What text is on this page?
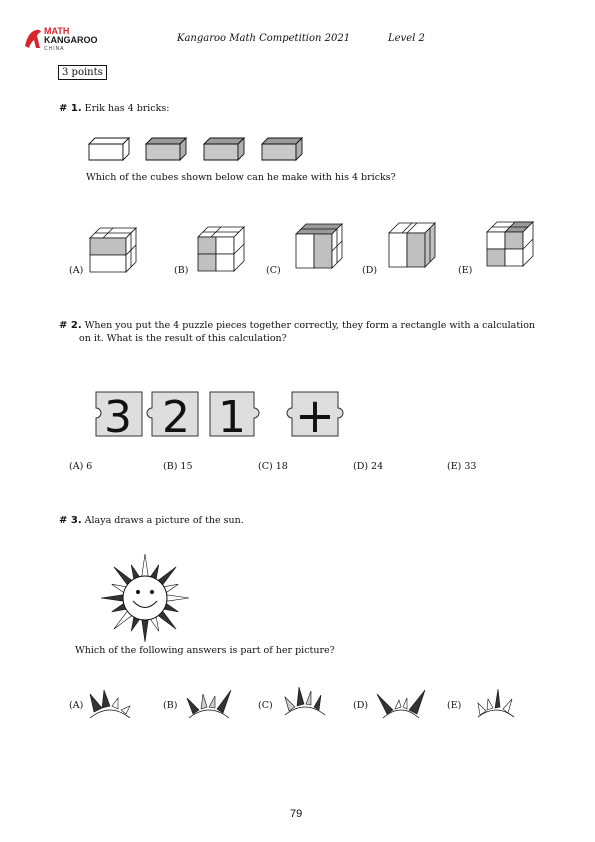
MATH
KANGAROO
CHINA
Kangaroo Math Competition 2021	Level 2
3 points
# 1. Erik has 4 bricks:
Which of the cubes shown below can he make with his 4 bricks?
(A)	(B)	(C)	(D)	(E)
# 2. When you put the 4 puzzle pieces together correctly, they form a rectangle with a calculation
on it. What is the result of this calculation?
3 2 1 +
(A) 6	(B) 15	(C) 18	(D) 24	(E) 33
# 3. Alaya draws a picture of the sun.
Which of the following answers is part of her picture?
(A)	(B)	(C)	(D)	(E)
79
